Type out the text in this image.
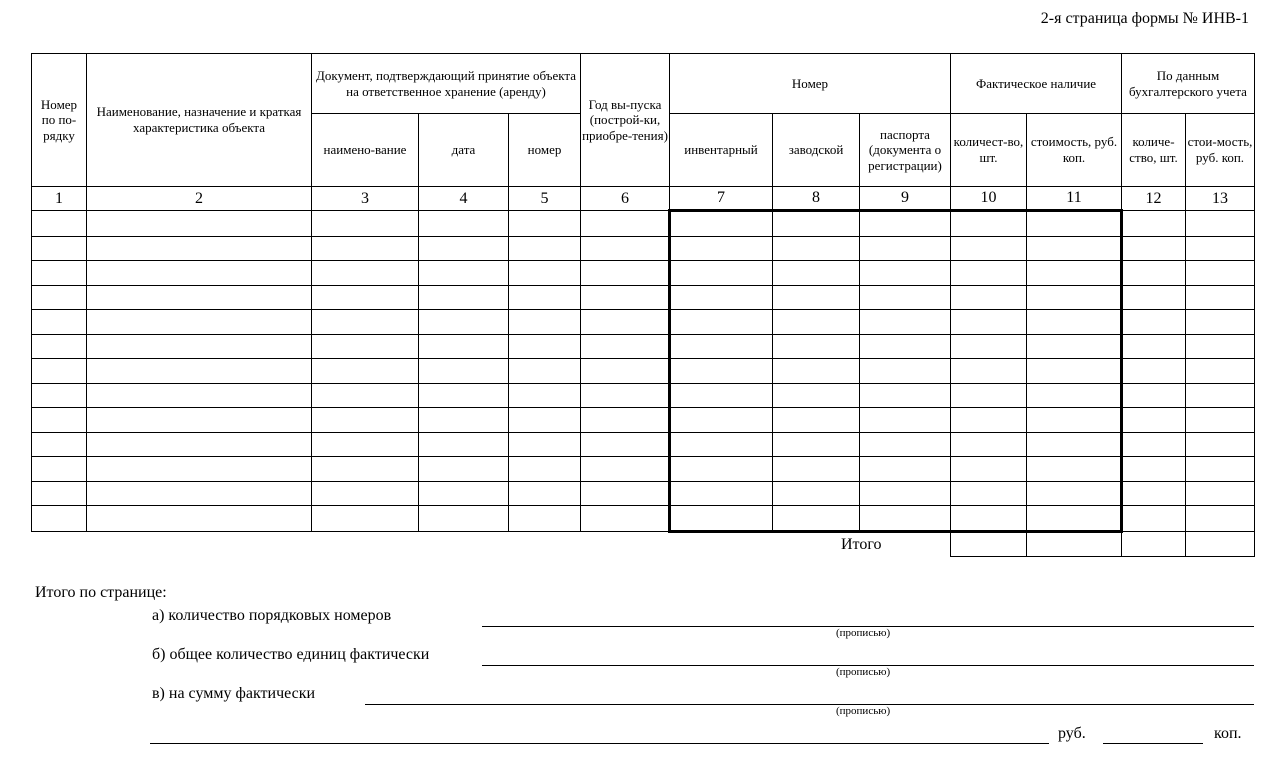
2-я страница формы № ИНВ-1
Номер по по-рядку	Наименование, назначение и краткая характеристика объекта	Документ, подтверждающий принятие объекта на ответственное хранение (аренду)			Год вы-пуска (построй-ки, приобре-тения)	Номер			Фактическое наличие		По данным бухгалтерского учета	
		наимено-вание	дата	номер		инвентарный	заводской	паспорта (документа о регистрации)	количест-во, шт.	стоимость, руб. коп.	количе-ство, шт.	стои-мость, руб. коп.
1	2	3	4	5	6	7	8	9	10	11	12	13

							Итого					
Итого по странице:
а) количество порядковых номеров
(прописью)
б) общее количество единиц фактически
(прописью)
в) на сумму фактически
(прописью)
руб.	коп.
